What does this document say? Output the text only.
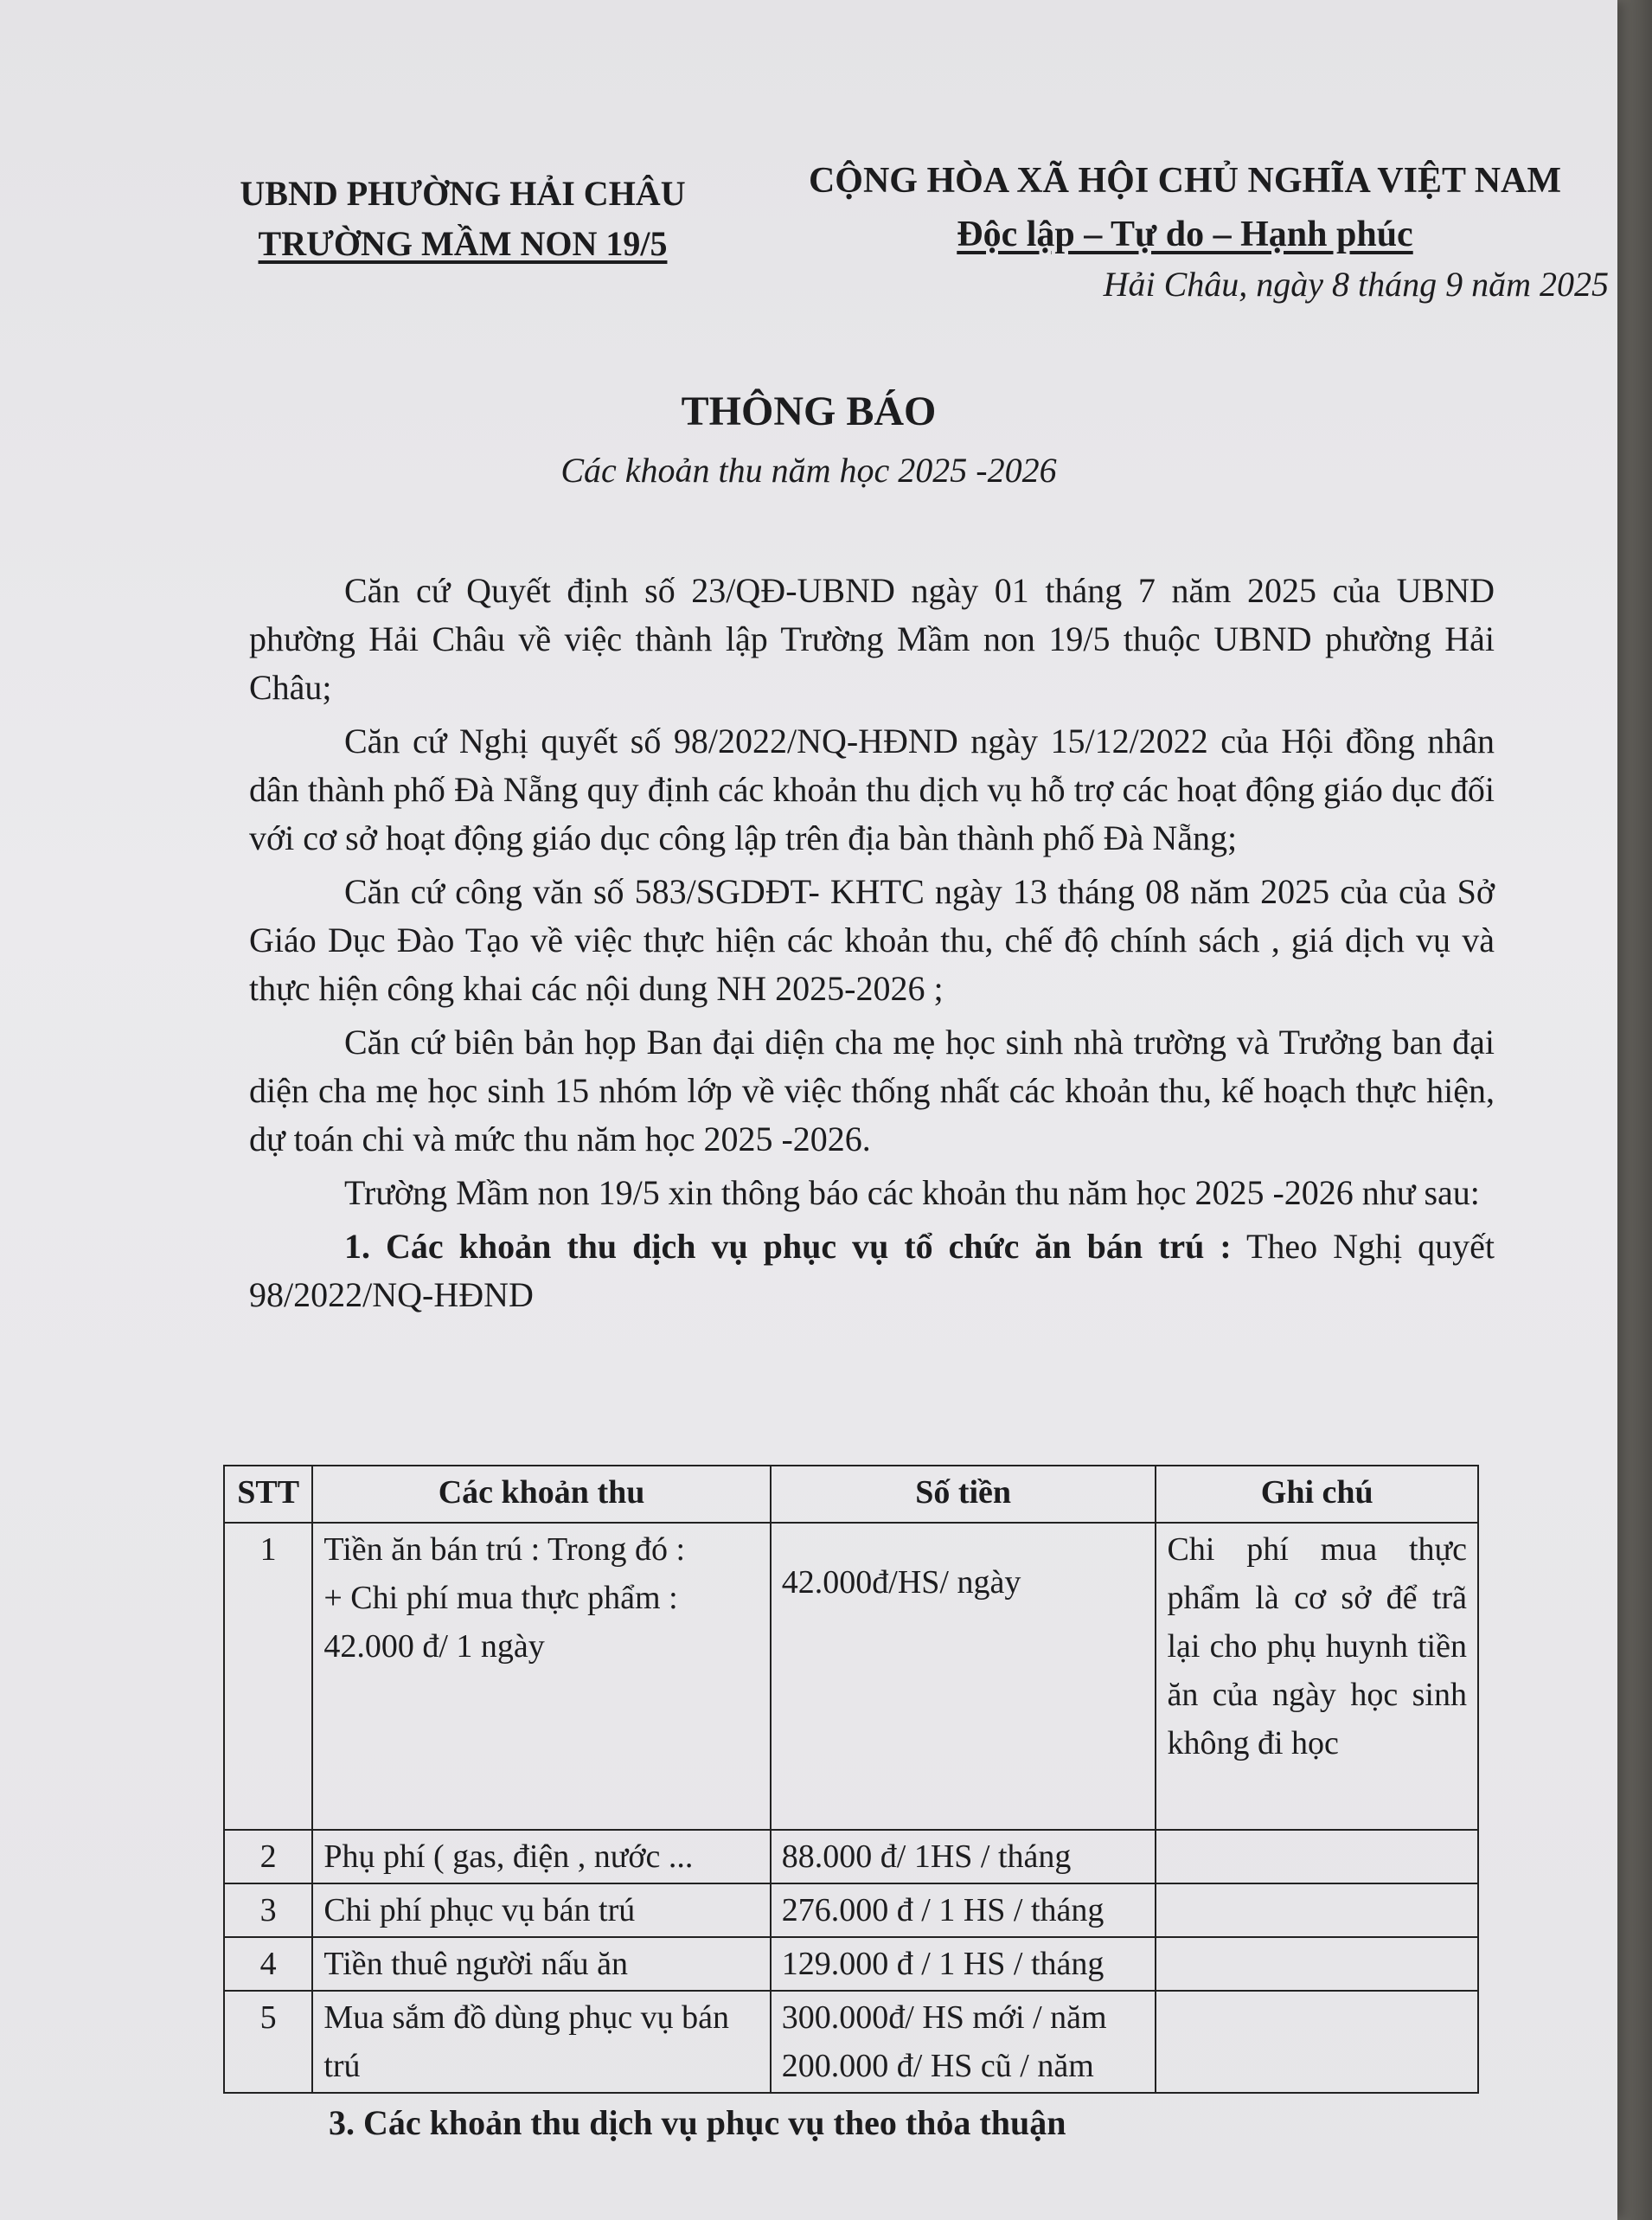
UBND PHƯỜNG HẢI CHÂU
TRƯỜNG MẦM NON 19/5
CỘNG HÒA XÃ HỘI CHỦ NGHĨA VIỆT NAM
Độc lập – Tự do – Hạnh phúc
Hải Châu, ngày 8 tháng 9 năm 2025
THÔNG BÁO
Các khoản thu năm học 2025 -2026

Căn cứ Quyết định số 23/QĐ-UBND ngày 01 tháng 7 năm 2025 của UBND phường Hải Châu về việc thành lập Trường Mầm non 19/5 thuộc UBND phường Hải Châu;

Căn cứ Nghị quyết số 98/2022/NQ-HĐND ngày 15/12/2022 của Hội đồng nhân dân thành phố Đà Nẵng quy định các khoản thu dịch vụ hỗ trợ các hoạt động giáo dục đối với cơ sở hoạt động giáo dục công lập trên địa bàn thành phố Đà Nẵng;

Căn cứ công văn số 583/SGDĐT- KHTC ngày 13 tháng 08 năm 2025 của của Sở Giáo Dục Đào Tạo về việc thực hiện các khoản thu, chế độ chính sách , giá dịch vụ và thực hiện công khai các nội dung NH 2025-2026 ;

Căn cứ biên bản họp Ban đại diện cha mẹ học sinh nhà trường và Trưởng ban đại diện cha mẹ học sinh 15 nhóm lớp về việc thống nhất các khoản thu, kế hoạch thực hiện, dự toán chi và mức thu năm học 2025 -2026.

Trường Mầm non 19/5 xin thông báo các khoản thu năm học 2025 -2026 như sau:

1. Các khoản thu dịch vụ phục vụ tổ chức ăn bán trú : Theo Nghị quyết 98/2022/NQ-HĐND

STT	Các khoản thu	Số tiền	Ghi chú
1	Tiền ăn bán trú : Trong đó :
+ Chi phí mua thực phẩm : 42.000 đ/ 1 ngày	42.000đ/HS/ ngày	Chi phí mua thực phẩm là cơ sở để trã lại cho phụ huynh tiền ăn của ngày học sinh không đi học
2	Phụ phí ( gas, điện , nước ...	88.000 đ/ 1HS / tháng	

3	Chi phí phục vụ bán trú	276.000 đ / 1 HS / tháng	

4	Tiền thuê người nấu ăn	129.000 đ / 1 HS / tháng	

5	Mua sắm đồ dùng phục vụ bán trú	300.000đ/ HS mới / năm
200.000 đ/ HS cũ / năm	

3. Các khoản thu dịch vụ phục vụ theo thỏa thuận
